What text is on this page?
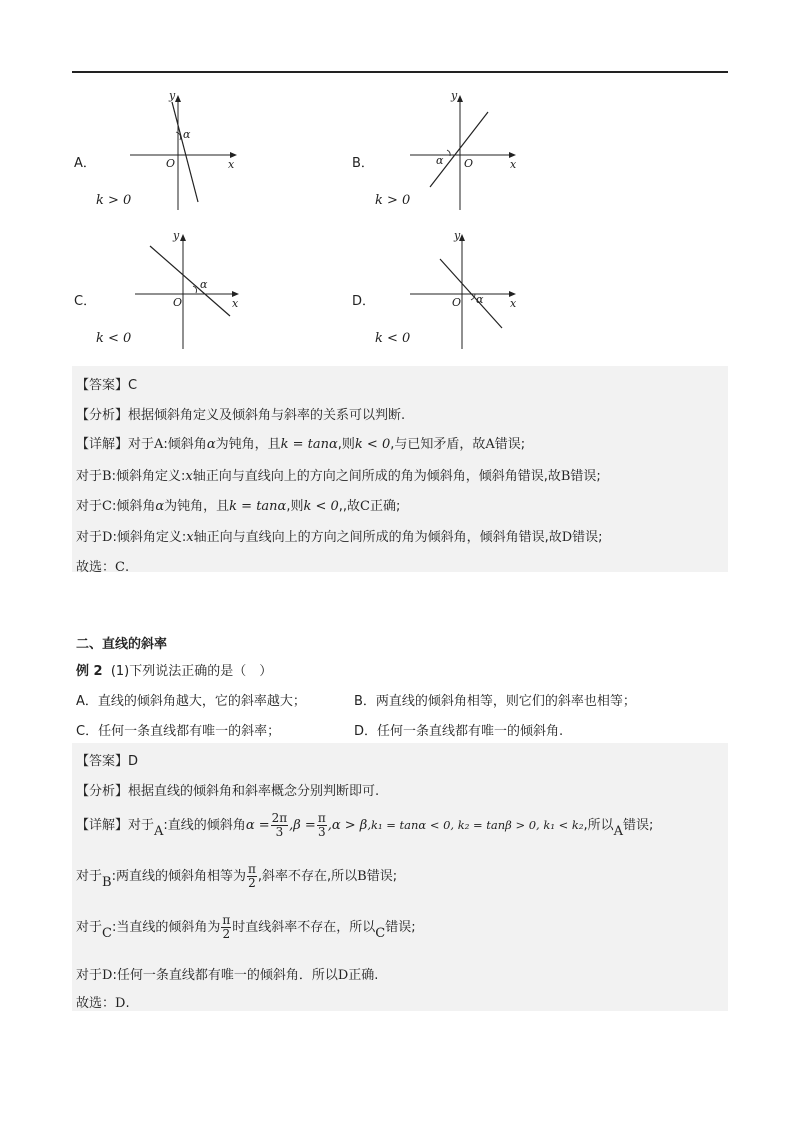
A．
k > 0
y
x
O
α
B．
k > 0
y
x
O
α
C．
k < 0
y
x
O
α
D．
k < 0
y
x
O α
【答案】C
【分析】根据倾斜角定义及倾斜角与斜率的关系可以判断.
【详解】对于A:倾斜角α为钝角，且k = tanα,则k < 0,与已知矛盾，故A错误;
对于B:倾斜角定义:x轴正向与直线向上的方向之间所成的角为倾斜角，倾斜角错误,故B错误;
对于C:倾斜角α为钝角，且k = tanα,则k < 0,,故C正确;
对于D:倾斜角定义:x轴正向与直线向上的方向之间所成的角为倾斜角，倾斜角错误,故D错误;
故选：C.
二、直线的斜率
例 2 (1)下列说法正确的是（　）
A．直线的倾斜角越大，它的斜率越大；	B．两直线的倾斜角相等，则它们的斜率也相等；
C．任何一条直线都有唯一的斜率；	D．任何一条直线都有唯一的倾斜角.
【答案】D
【分析】根据直线的倾斜角和斜率概念分别判断即可.
【详解】对于A:直线的倾斜角$\alpha = \frac{2\pi}{3} ,\beta = \frac{\pi}{3} ,\alpha > \beta,k_1 = \tan\alpha < 0$, k₂ = tanβ > 0, k₁ < k₂,所以A错误;
对于B:两直线的倾斜角相等为 $\frac{\pi}{2}$ ,斜率不存在,所以B错误;
对于C:当直线的倾斜角为 $\frac{\pi}{2}$ 时直线斜率不存在，所以C错误;
对于D:任何一条直线都有唯一的倾斜角．所以D正确.
故选：D.
